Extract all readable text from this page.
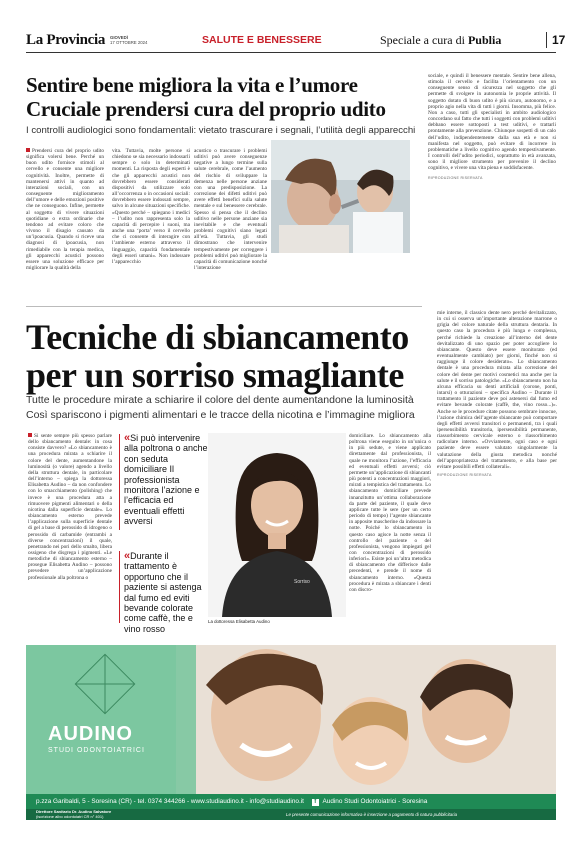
La Provincia GIOVEDÌ
17 OTTOBRE 2024	SALUTE E BENESSERE	Speciale a cura di Publia	17
Sentire bene migliora la vita e l’umore
Cruciale prendersi cura del proprio udito
I controlli audiologici sono fondamentali: vietato trascurare i segnali, l’utilità degli apparecchi
Prendersi cura del proprio udito significa volersi bene. Perché un buon udito fornisce stimoli al cervello e consente una migliore cognitività. Inoltre, permette di mantenersi attivi in quanto ad interazioni sociali, con un conseguente miglioramento dell’umore e delle emozioni positive che ne conseguono. Infine, permette al soggetto di vivere situazioni quotidiane o extra ordinarie che tendono ad evitare coloro che vivono il disagio causato da un’ipoacusia. Quando si riceve una diagnosi di ipoacusia, non rimediabile con la terapia medica, gli apparecchi acustici possono essere una soluzione efficace per migliorare la qualità della
vita. Tuttavia, molte persone si chiedono se sia necessario indossarli sempre o solo in determinati momenti. La risposta degli esperti è che gli apparecchi acustici non dovrebbero essere considerati dispositivi da utilizzare solo all’occorrenza o in occasioni sociali: dovrebbero essere indossati sempre, salvo in alcune situazioni specifiche. «Questo perché – spiegano i medici – l’udito non rappresenta solo la capacità di percepire i suoni, ma anche una ‘porta’ verso il cervello che ci consente di interagire con l’ambiente esterno attraverso il linguaggio, capacità fondamentale degli esseri umani». Non indossare l’apparecchio
acustico o trascurare i problemi uditivi può avere conseguenze negative a lungo termine sulla salute cerebrale, come l’aumento del rischio di sviluppare la demenza nelle persone anziane con una predisposizione. La correzione dei difetti uditivi può avere effetti benefici sulla salute mentale e sul benessere cerebrale. Spesso si pensa che il declino uditivo nelle persone anziane sia inevitabile e che eventuali problemi cognitivi siano legati all’età. Tuttavia, gli studi dimostrano che intervenire tempestivamente per correggere i problemi uditivi può migliorare la capacità di comunicazione nonché l’interazione
sociale, e quindi il benessere mentale. Sentire bene allena, stimola il cervello e facilita l’orientamento con un conseguente senso di sicurezza nel soggetto che gli permette di svolgere in autonomia le proprie attività. Il soggetto dotato di buon udito è più sicuro, autonomo, e a proprio agio nella vita di tutti i giorni. Insomma, più felice. Non a caso, tutti gli specialisti in ambito audiologico concordano sul fatto che tutti i soggetti con problemi uditivi debbano essere sottoposti a test uditivi, e trattarli prontamente alla prevenzione. Chiunque sospetti di un calo dell’udito, indipendentemente dalla sua età e non si manifesta nel soggetto, può evitare di incorrere in problematiche a livello cognitivo agendo tempestivamente. I controlli dell’udito periodici, soprattutto in età avanzata, sono il migliore strumento per prevenire il declino cognitivo, e vivere una vita piena e soddisfacente.
RIPRODUZIONE RISERVATA
Tecniche di sbiancamento
per un sorriso smagliante
Tutte le procedure mirate a schiarire il colore del dente aumentandone la luminosità
Così spariscono i pigmenti alimentari e le tracce della nicotina e l’immagine migliora
Si sente sempre più spesso parlare dello sbiancamento dentale: in cosa consiste davvero? «Lo sbiancamento è una procedura mirata a schiarire il colore del dente, aumentandone la luminosità (o valore) agendo a livello della struttura dentale, in particolare dell’interno – spiega la dottoressa Elisabetta Audino – da non confondere con lo smacchiamento (polishing) che invece è una procedura atta a rimuovere pigmenti alimentari o della nicotina dalla superficie dentale». Lo sbiancamento esterno prevede l’applicazione sulla superficie dentale di gel a base di perossido di idrogeno o perossido di carbamide (entrambi a diverse concentrazioni) il quale, penetrando nei pori dello smalto, libera ossigeno che disgrega i pigmenti. «Le metodiche di sbiancamento esterno – prosegue Elisabetta Audino – possono prevedere un’applicazione professionale alla poltrona o
«Si può intervenire alla poltrona o anche con seduta domiciliare Il professionista monitora l’azione e l’efficacia ed eventuali effetti avversi
«Durante il trattamento è opportuno che il paziente si astenga dal fumo ed eviti bevande colorate come caffè, the e vino rosso
Sorriso
La dottoressa Elisabetta Audino
domiciliare. Lo sbiancamento alla poltrona viene eseguito in un’unica o in più sedute, e viene applicato direttamente dal professionista, il quale ne monitora l’azione, l’efficacia ed eventuali effetti avversi; ciò permette un’applicazione di sbiancanti più potenti a concentrazioni maggiori, mirati a tempistica del trattamento. Lo sbiancamento domiciliare prevede innanzitutto un’ottima collaborazione da parte del paziente, il quale deve applicare tutte le sere (per un certo periodo di tempo) l’agente sbiancante in apposite mascherine da indossare la notte. Poiché lo sbiancamento in questo caso agisce la notte senza il controllo del paziente o del professionista, vengono impiegati gel con concentrazioni di perossido inferiori». Esiste poi un’altra metodica di sbiancamento che differisce dalle precedenti, e prende il nome di sbiancamento interno. «Questa procedura è mirata a sbiancare i denti con discro-
mie interne, il classico dente nero perché devitalizzato, in cui si osserva un’importante alterazione marrone o grigia del colore naturale della struttura dentaria. In questo caso la procedura è più lunga e complessa, perché richiede la creazione all’interno del dente devitalizzato di uno spazio per poter accogliere lo sbiancante. Questo deve essere monitorato (ed eventualmente cambiato) per giorni, finché non si raggiunge il colore desiderato». Lo sbiancamento dentale è una procedura mirata alla correzione del colore del dente per motivi cosmetici ma anche per la salute e il sorriso patologiche. «Lo sbiancamento non ha alcuna efficacia su denti artificiali (corone, ponti, intarsi) o otturazioni – specifica Audino – Durante il trattamento il paziente deve poi astenersi dal fumo ed evitare bevande colorate (caffè, the, vino rosso...)». Anche se le procedure citate possono sembrare innocue, l’azione chimica dell’agente sbiancante può comportare degli effetti avversi transitori o permanenti, tra i quali ipersensibilità transitoria, ipersensibilità permanente, riassorbimento cervicale esterno o riassorbimento radicolare interno. «Ovviamente, ogni caso e ogni paziente deve essere valutato singolarmente la valutazione della giusta metodica nonché dell’appropriatezza del trattamento, e alla base per evitare possibili effetti collaterali».
RIPRODUZIONE RISERVATA
AUDINO
STUDI ODONTOIATRICI
p.zza Garibaldi, 5 - Soresina (CR) - tel. 0374 344266 - www.studiaudino.it - info@studiaudino.it f Audino Studi Odontoiatrici - Soresina
Direttore Sanitario Dr. Audino Salvatore
(iscrizione albo odontoiatri CR n° 401)	Le presente comunicazione informativa è inserzione a pagamento di natura pubblicitaria
